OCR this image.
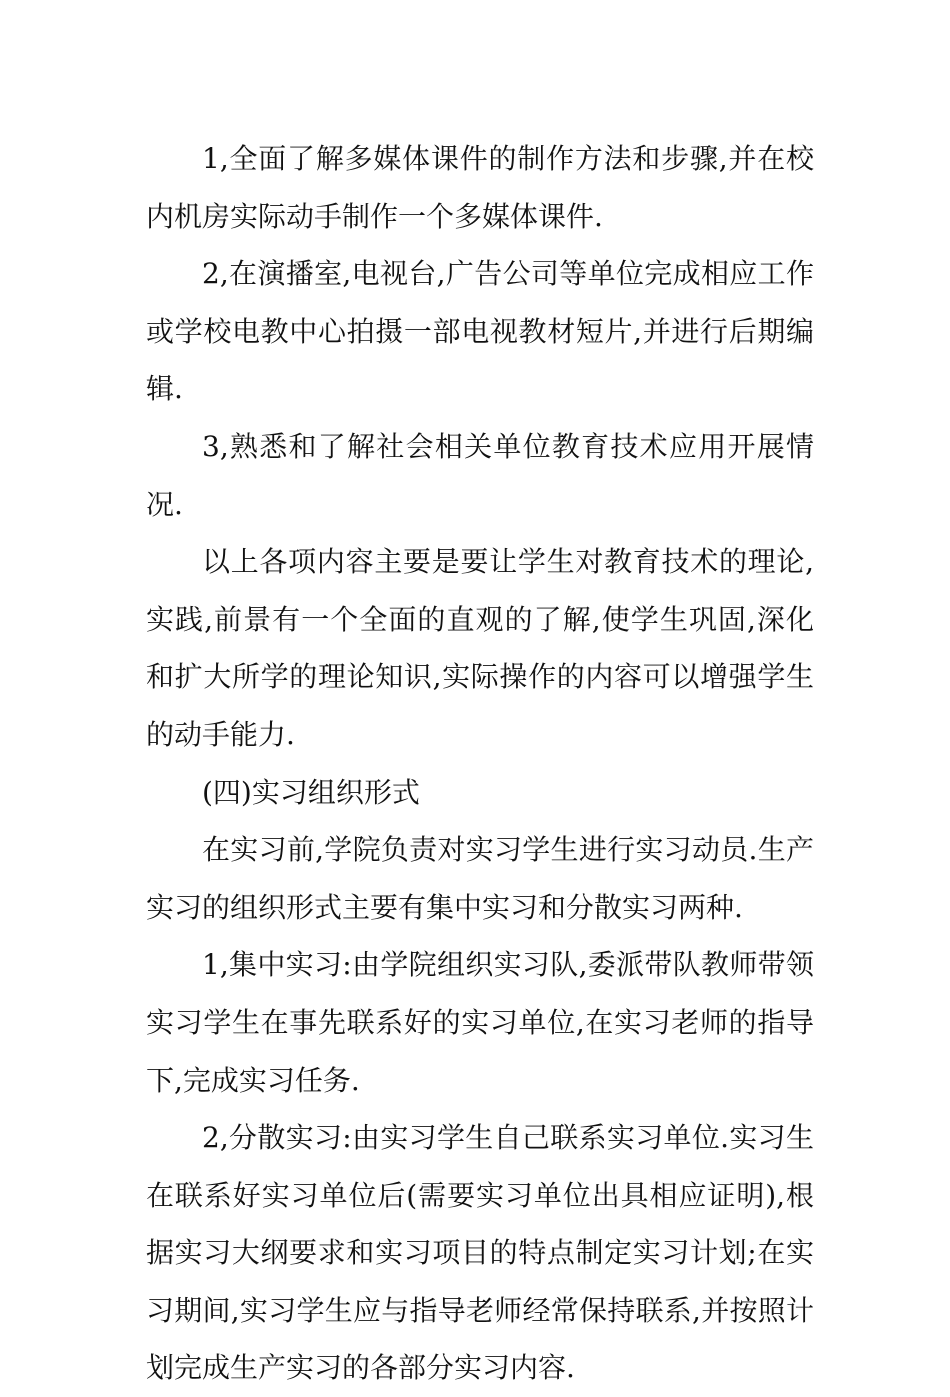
1,全面了解多媒体课件的制作方法和步骤,并在校内机房实际动手制作一个多媒体课件.

2,在演播室,电视台,广告公司等单位完成相应工作或学校电教中心拍摄一部电视教材短片,并进行后期编辑.

3,熟悉和了解社会相关单位教育技术应用开展情况.

以上各项内容主要是要让学生对教育技术的理论,实践,前景有一个全面的直观的了解,使学生巩固,深化和扩大所学的理论知识,实际操作的内容可以增强学生的动手能力.

(四)实习组织形式

在实习前,学院负责对实习学生进行实习动员.生产实习的组织形式主要有集中实习和分散实习两种.

1,集中实习:由学院组织实习队,委派带队教师带领实习学生在事先联系好的实习单位,在实习老师的指导下,完成实习任务.

2,分散实习:由实习学生自己联系实习单位.实习生在联系好实习单位后(需要实习单位出具相应证明),根据实习大纲要求和实习项目的特点制定实习计划;在实习期间,实习学生应与指导老师经常保持联系,并按照计划完成生产实习的各部分实习内容.
